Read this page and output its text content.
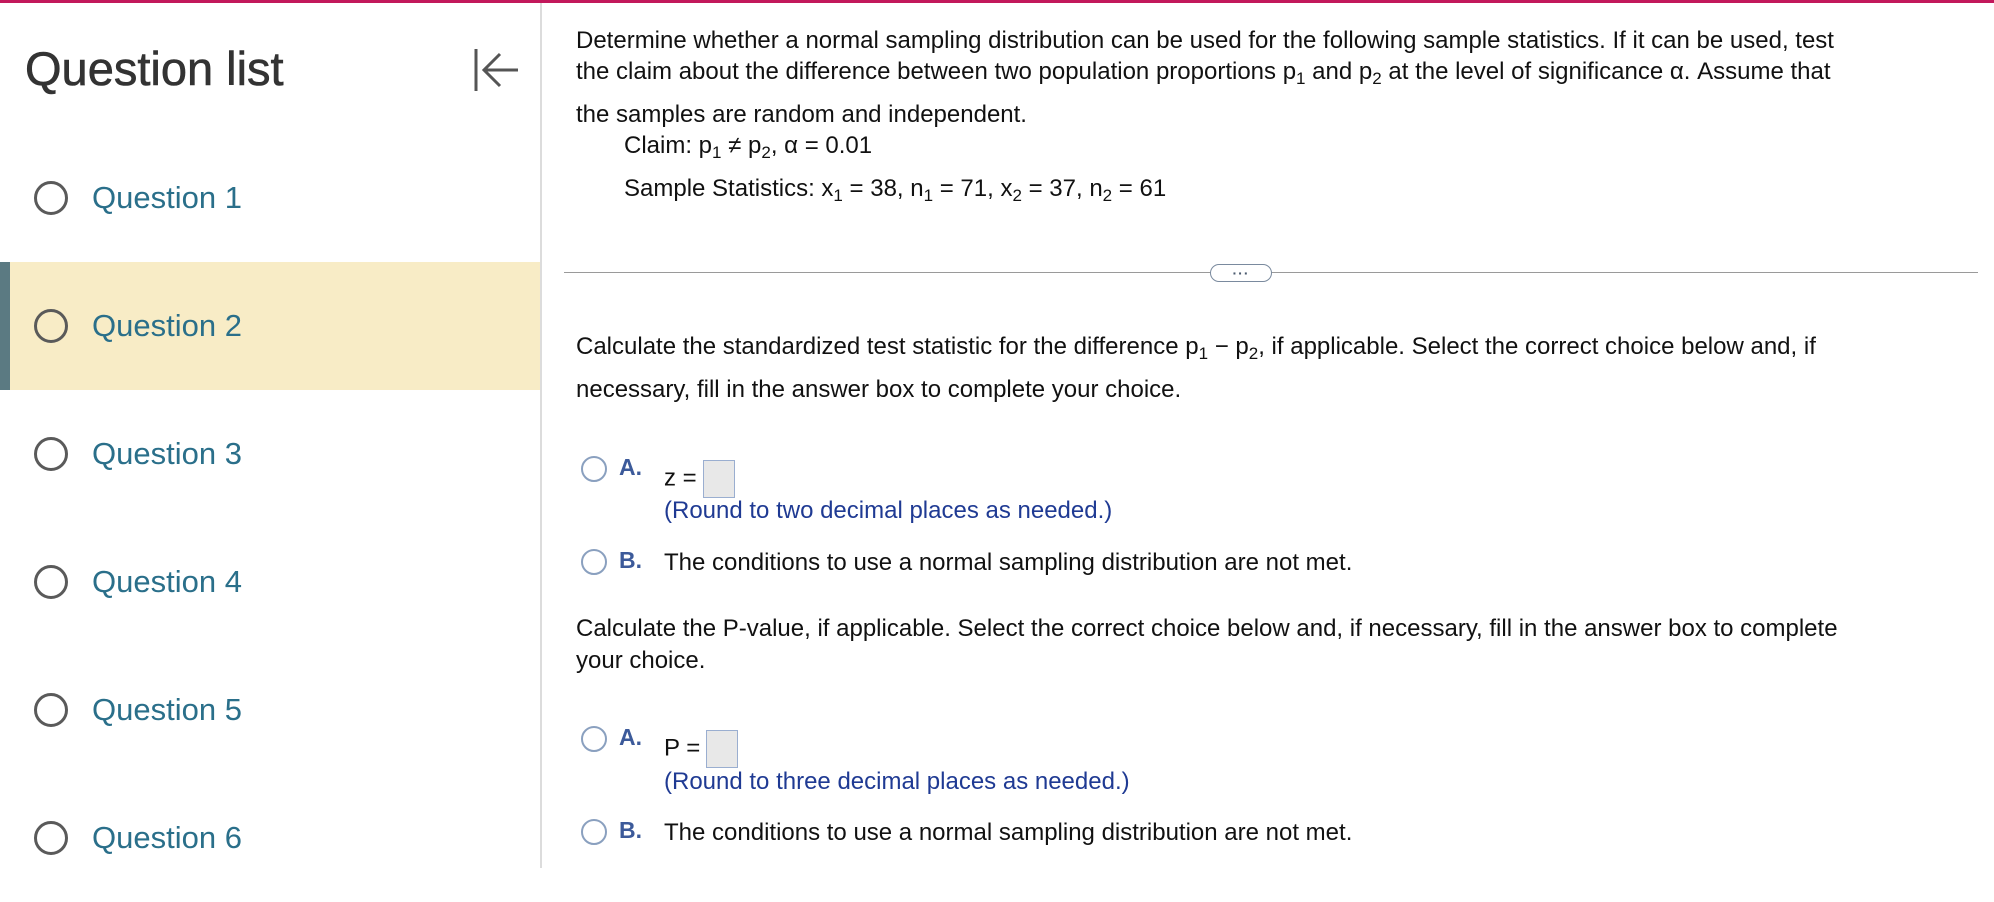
Question list
Question 1
Question 2
Question 3
Question 4
Question 5
Question 6

Determine whether a normal sampling distribution can be used for the following sample statistics. If it can be used, test

the claim about the difference between two population proportions $p_1$ and $p_2$ at the level of significance α. Assume that

the samples are random and independent.

Claim: $p_1 \ne p_2$, α = 0.01

Sample Statistics: $x_1 = 38$, $n_1 = 71$, $x_2 = 37$, $n_2 = 61$

···

Calculate the standardized test statistic for the difference $p_1 - p_2$, if applicable. Select the correct choice below and, if

necessary, fill in the answer box to complete your choice.

A. z =

(Round to two decimal places as needed.)

B. The conditions to use a normal sampling distribution are not met.

Calculate the P-value, if applicable. Select the correct choice below and, if necessary, fill in the answer box to complete

your choice.

A. P =

(Round to three decimal places as needed.)

B. The conditions to use a normal sampling distribution are not met.
